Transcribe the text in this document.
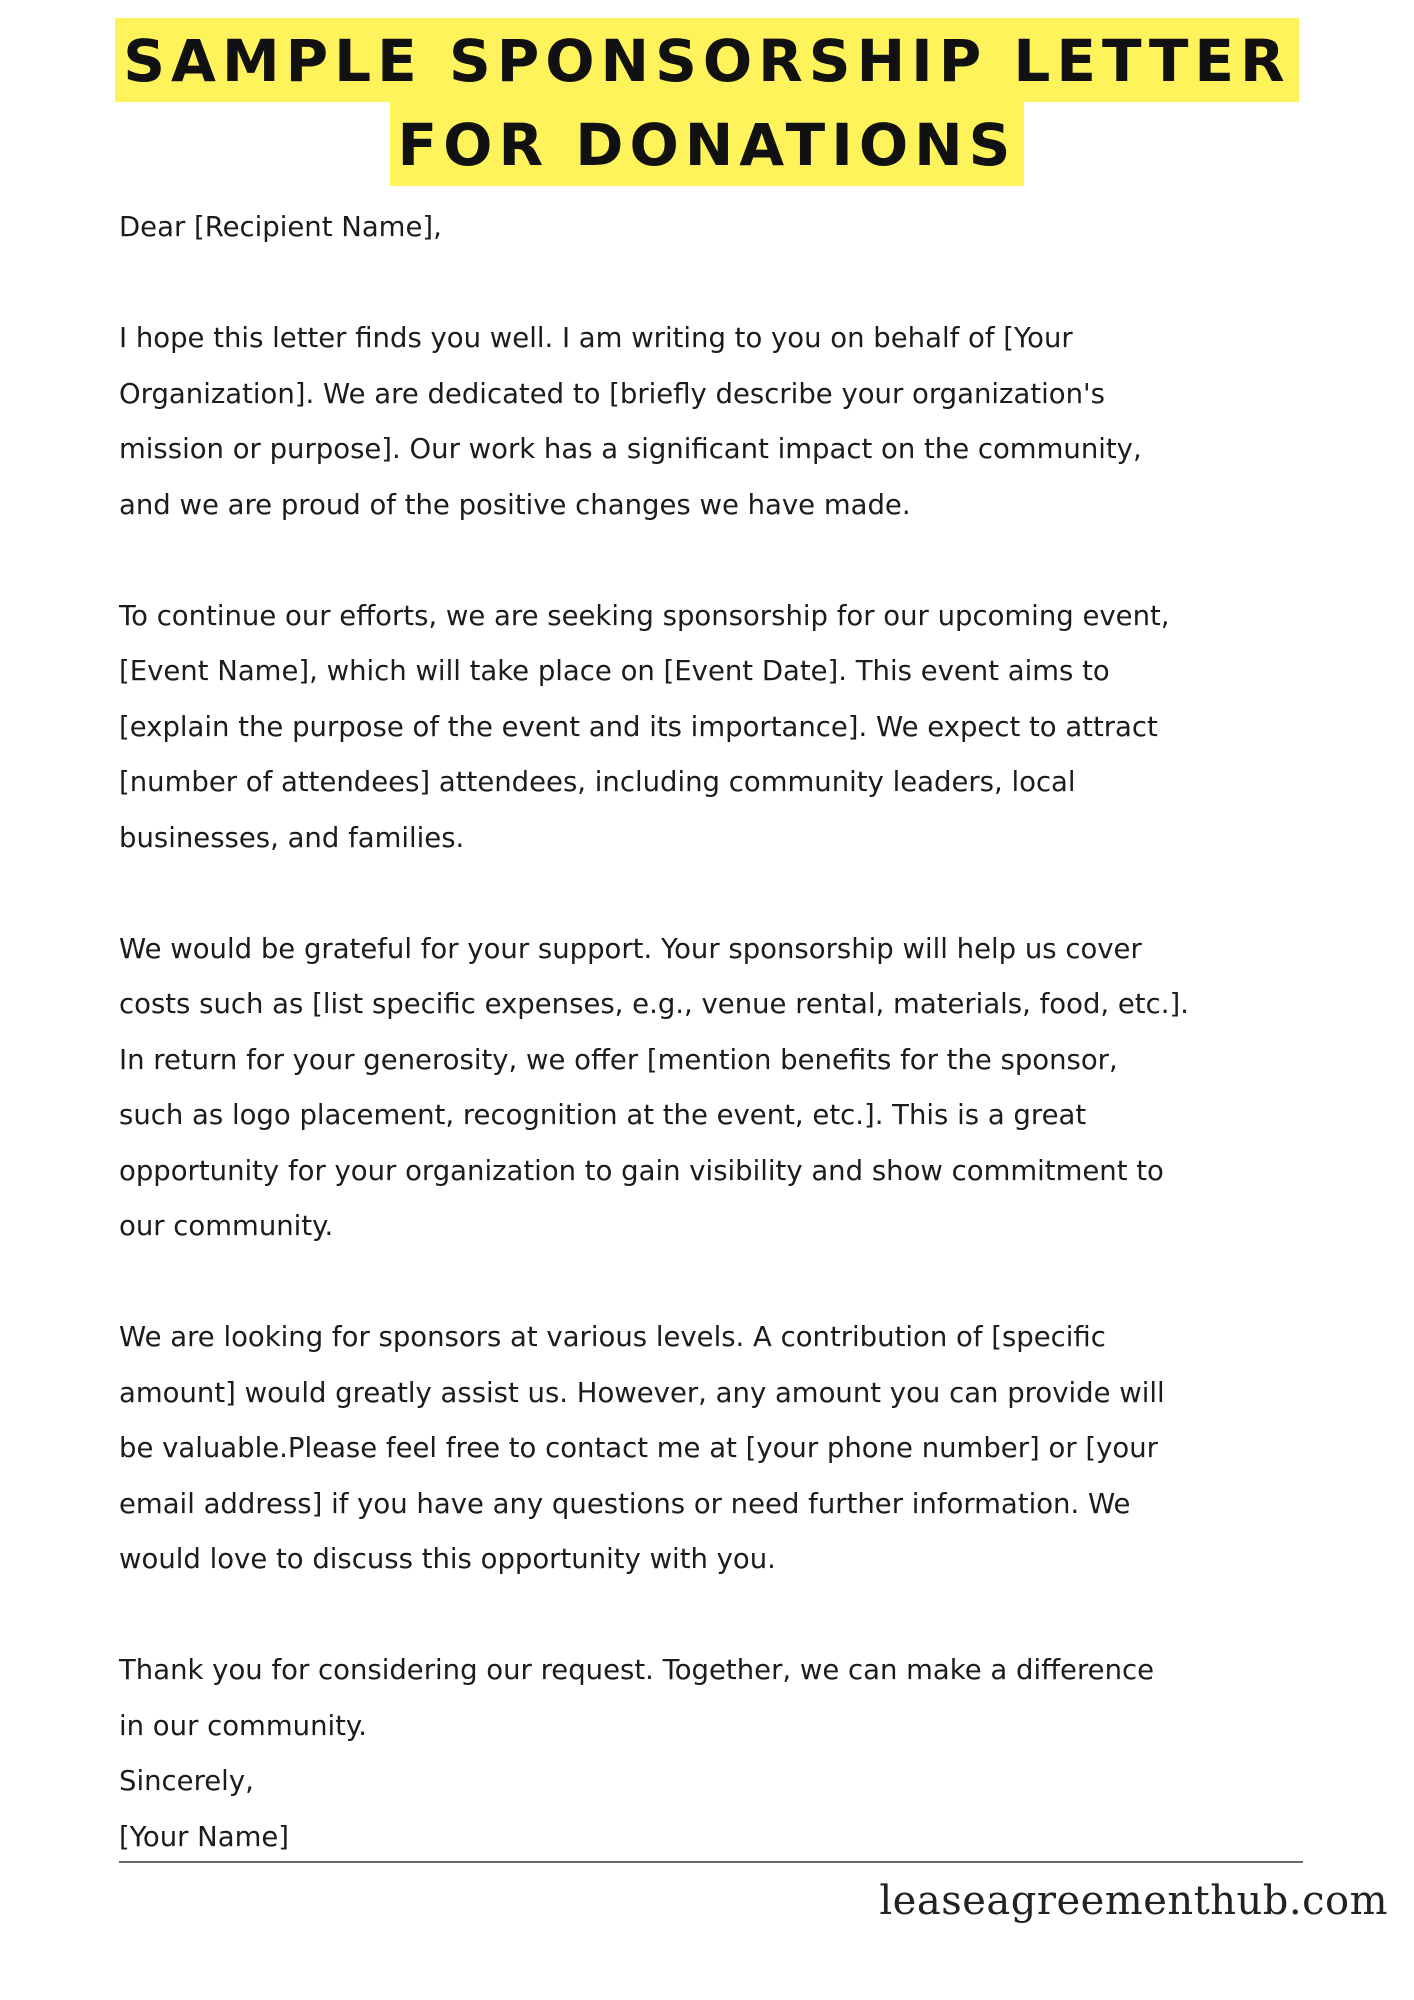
SAMPLE SPONSORSHIP LETTER
FOR DONATIONS

Dear [Recipient Name],

I hope this letter finds you well. I am writing to you on behalf of [Your

Organization]. We are dedicated to [briefly describe your organization's

mission or purpose]. Our work has a significant impact on the community,

and we are proud of the positive changes we have made.

To continue our efforts, we are seeking sponsorship for our upcoming event,

[Event Name], which will take place on [Event Date]. This event aims to

[explain the purpose of the event and its importance]. We expect to attract

[number of attendees] attendees, including community leaders, local

businesses, and families.

We would be grateful for your support. Your sponsorship will help us cover

costs such as [list specific expenses, e.g., venue rental, materials, food, etc.].

In return for your generosity, we offer [mention benefits for the sponsor,

such as logo placement, recognition at the event, etc.]. This is a great

opportunity for your organization to gain visibility and show commitment to

our community.

We are looking for sponsors at various levels. A contribution of [specific

amount] would greatly assist us. However, any amount you can provide will

be valuable.Please feel free to contact me at [your phone number] or [your

email address] if you have any questions or need further information. We

would love to discuss this opportunity with you.

Thank you for considering our request. Together, we can make a difference

in our community.

Sincerely,

[Your Name]

leaseagreementhub.com
